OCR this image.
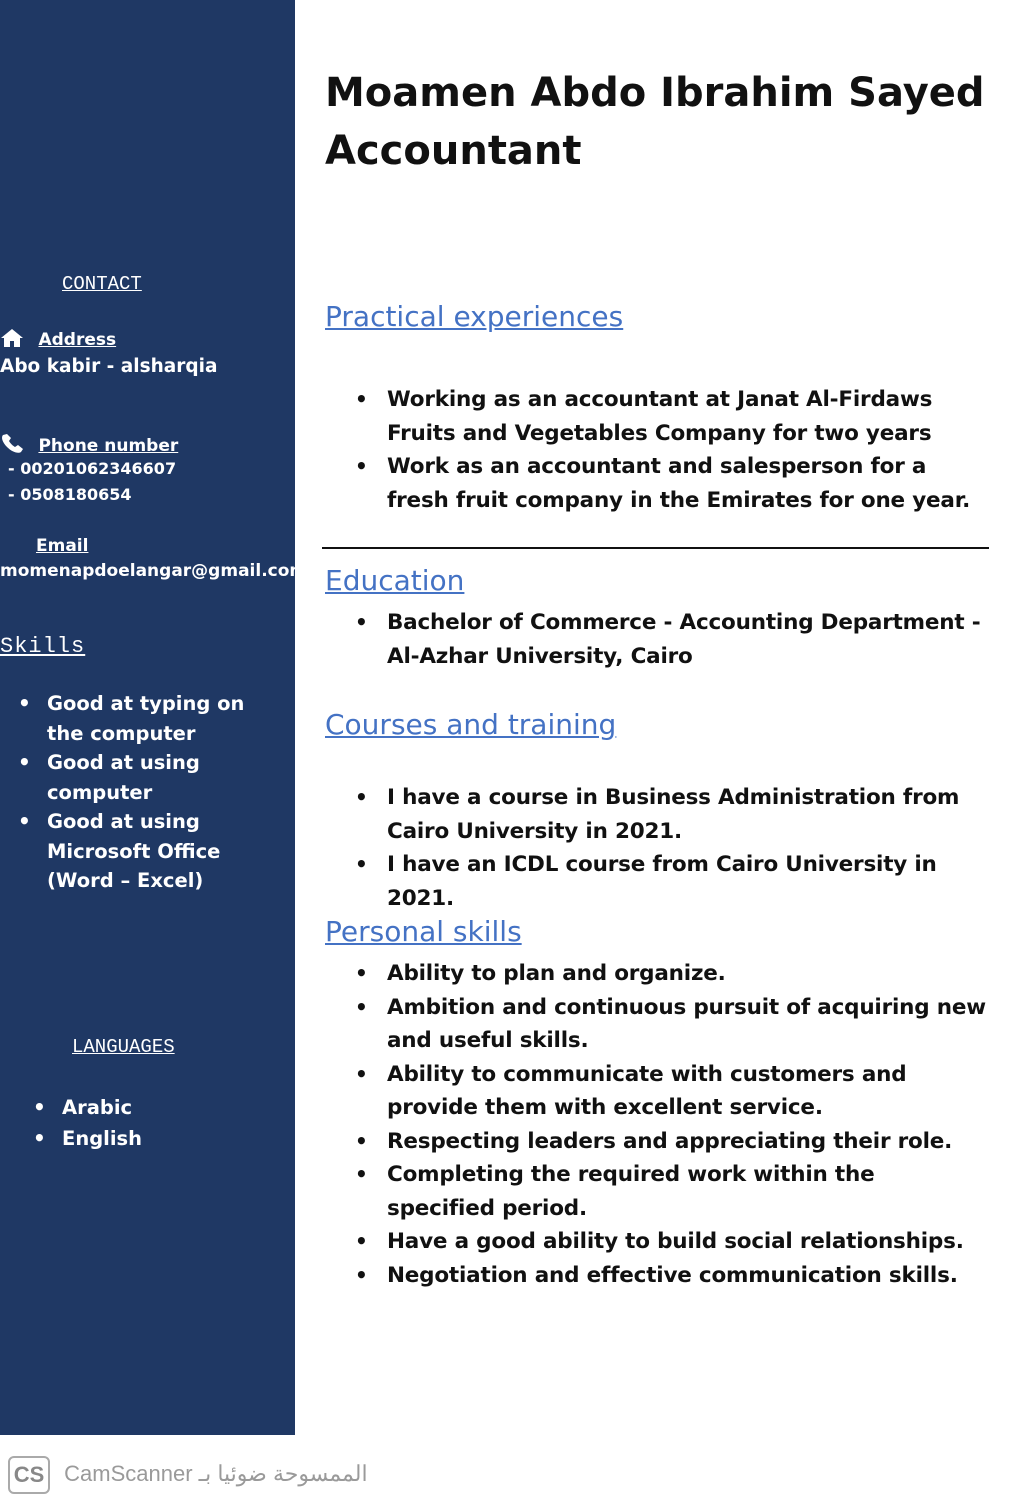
CONTACT
Address
Abo kabir - alsharqia
Phone number
- 00201062346607
- 0508180654
Email
momenapdoelangar@gmail.com
Skills
• Good at typing on the computer
• Good at using computer
• Good at using Microsoft Office (Word – Excel)
LANGUAGES
• Arabic
• English
Moamen Abdo Ibrahim Sayed
Accountant
Practical experiences
• Working as an accountant at Janat Al-Firdaws Fruits and Vegetables Company for two years
• Work as an accountant and salesperson for a fresh fruit company in the Emirates for one year.
Education
• Bachelor of Commerce - Accounting Department - Al-Azhar University, Cairo
Courses and training
• I have a course in Business Administration from Cairo University in 2021.
• I have an ICDL course from Cairo University in 2021.
Personal skills
• Ability to plan and organize.
• Ambition and continuous pursuit of acquiring new and useful skills.
• Ability to communicate with customers and provide them with excellent service.
• Respecting leaders and appreciating their role.
• Completing the required work within the specified period.
• Have a good ability to build social relationships.
• Negotiation and effective communication skills.
CS CamScanner الممسوحة ضوئيا بـ
